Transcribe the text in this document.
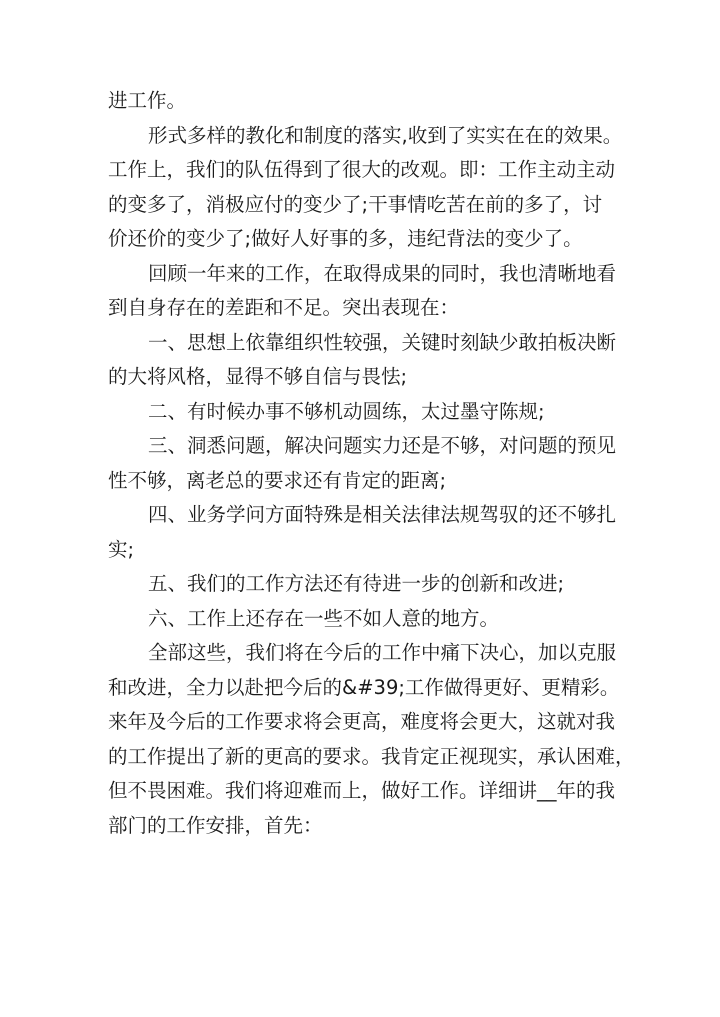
进工作。
形式多样的教化和制度的落实,收到了实实在在的效果。
工作上，我们的队伍得到了很大的改观。即：工作主动主动
的变多了，消极应付的变少了;干事情吃苦在前的多了，讨
价还价的变少了;做好人好事的多，违纪背法的变少了。
回顾一年来的工作，在取得成果的同时，我也清晰地看
到自身存在的差距和不足。突出表现在：
一、思想上依靠组织性较强，关键时刻缺少敢拍板决断
的大将风格，显得不够自信与畏怯;
二、有时候办事不够机动圆练，太过墨守陈规;
三、洞悉问题，解决问题实力还是不够，对问题的预见
性不够，离老总的要求还有肯定的距离;
四、业务学问方面特殊是相关法律法规驾驭的还不够扎
实;
五、我们的工作方法还有待进一步的创新和改进;
六、工作上还存在一些不如人意的地方。
全部这些，我们将在今后的工作中痛下决心，加以克服
和改进，全力以赴把今后的&#39;工作做得更好、更精彩。
来年及今后的工作要求将会更高，难度将会更大，这就对我
的工作提出了新的更高的要求。我肯定正视现实，承认困难，
但不畏困难。我们将迎难而上，做好工作。详细讲__年的我
部门的工作安排，首先：
